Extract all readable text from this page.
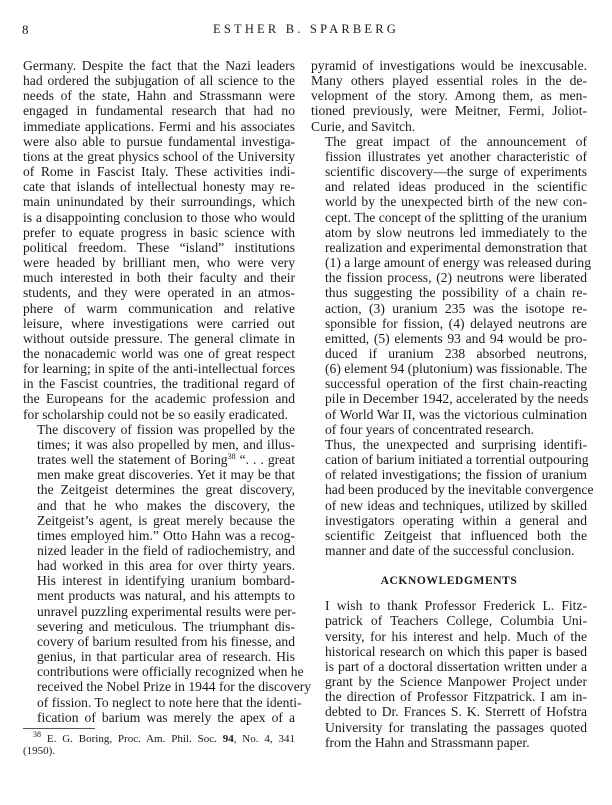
8	ESTHER B. SPARBERG

Germany. Despite the fact that the Nazi leaders
had ordered the subjugation of all science to the
needs of the state, Hahn and Strassmann were
engaged in fundamental research that had no
immediate applications. Fermi and his associates
were also able to pursue fundamental investiga-
tions at the great physics school of the University
of Rome in Fascist Italy. These activities indi-
cate that islands of intellectual honesty may re-
main uninundated by their surroundings, which
is a disappointing conclusion to those who would
prefer to equate progress in basic science with
political freedom. These “island” institutions
were headed by brilliant men, who were very
much interested in both their faculty and their
students, and they were operated in an atmos-
phere of warm communication and relative
leisure, where investigations were carried out
without outside pressure. The general climate in
the nonacademic world was one of great respect
for learning; in spite of the anti-intellectual forces
in the Fascist countries, the traditional regard of
the Europeans for the academic profession and
for scholarship could not be so easily eradicated.

The discovery of fission was propelled by the
times; it was also propelled by men, and illus-
trates well the statement of Boring$^{38}$ “. . . great
men make great discoveries. Yet it may be that
the Zeitgeist determines the great discovery,
and that he who makes the discovery, the
Zeitgeist’s agent, is great merely because the
times employed him.” Otto Hahn was a recog-
nized leader in the field of radiochemistry, and
had worked in this area for over thirty years.
His interest in identifying uranium bombard-
ment products was natural, and his attempts to
unravel puzzling experimental results were per-
severing and meticulous. The triumphant dis-
covery of barium resulted from his finesse, and
genius, in that particular area of research. His
contributions were officially recognized when he
received the Nobel Prize in 1944 for the discovery
of fission. To neglect to note here that the identi-
fication of barium was merely the apex of a

$^{38}$ E. G. Boring, Proc. Am. Phil. Soc. 94, No. 4, 341
(1950).

pyramid of investigations would be inexcusable.
Many others played essential roles in the de-
velopment of the story. Among them, as men-
tioned previously, were Meitner, Fermi, Joliot-
Curie, and Savitch.

The great impact of the announcement of
fission illustrates yet another characteristic of
scientific discovery—the surge of experiments
and related ideas produced in the scientific
world by the unexpected birth of the new con-
cept. The concept of the splitting of the uranium
atom by slow neutrons led immediately to the
realization and experimental demonstration that
(1) a large amount of energy was released during
the fission process, (2) neutrons were liberated
thus suggesting the possibility of a chain re-
action, (3) uranium 235 was the isotope re-
sponsible for fission, (4) delayed neutrons are
emitted, (5) elements 93 and 94 would be pro-
duced if uranium 238 absorbed neutrons,
(6) element 94 (plutonium) was fissionable. The
successful operation of the first chain-reacting
pile in December 1942, accelerated by the needs
of World War II, was the victorious culmination
of four years of concentrated research.

Thus, the unexpected and surprising identifi-
cation of barium initiated a torrential outpouring
of related investigations; the fission of uranium
had been produced by the inevitable convergence
of new ideas and techniques, utilized by skilled
investigators operating within a general and
scientific Zeitgeist that influenced both the
manner and date of the successful conclusion.

ACKNOWLEDGMENTS

I wish to thank Professor Frederick L. Fitz-
patrick of Teachers College, Columbia Uni-
versity, for his interest and help. Much of the
historical research on which this paper is based
is part of a doctoral dissertation written under a
grant by the Science Manpower Project under
the direction of Professor Fitzpatrick. I am in-
debted to Dr. Frances S. K. Sterrett of Hofstra
University for translating the passages quoted
from the Hahn and Strassmann paper.
